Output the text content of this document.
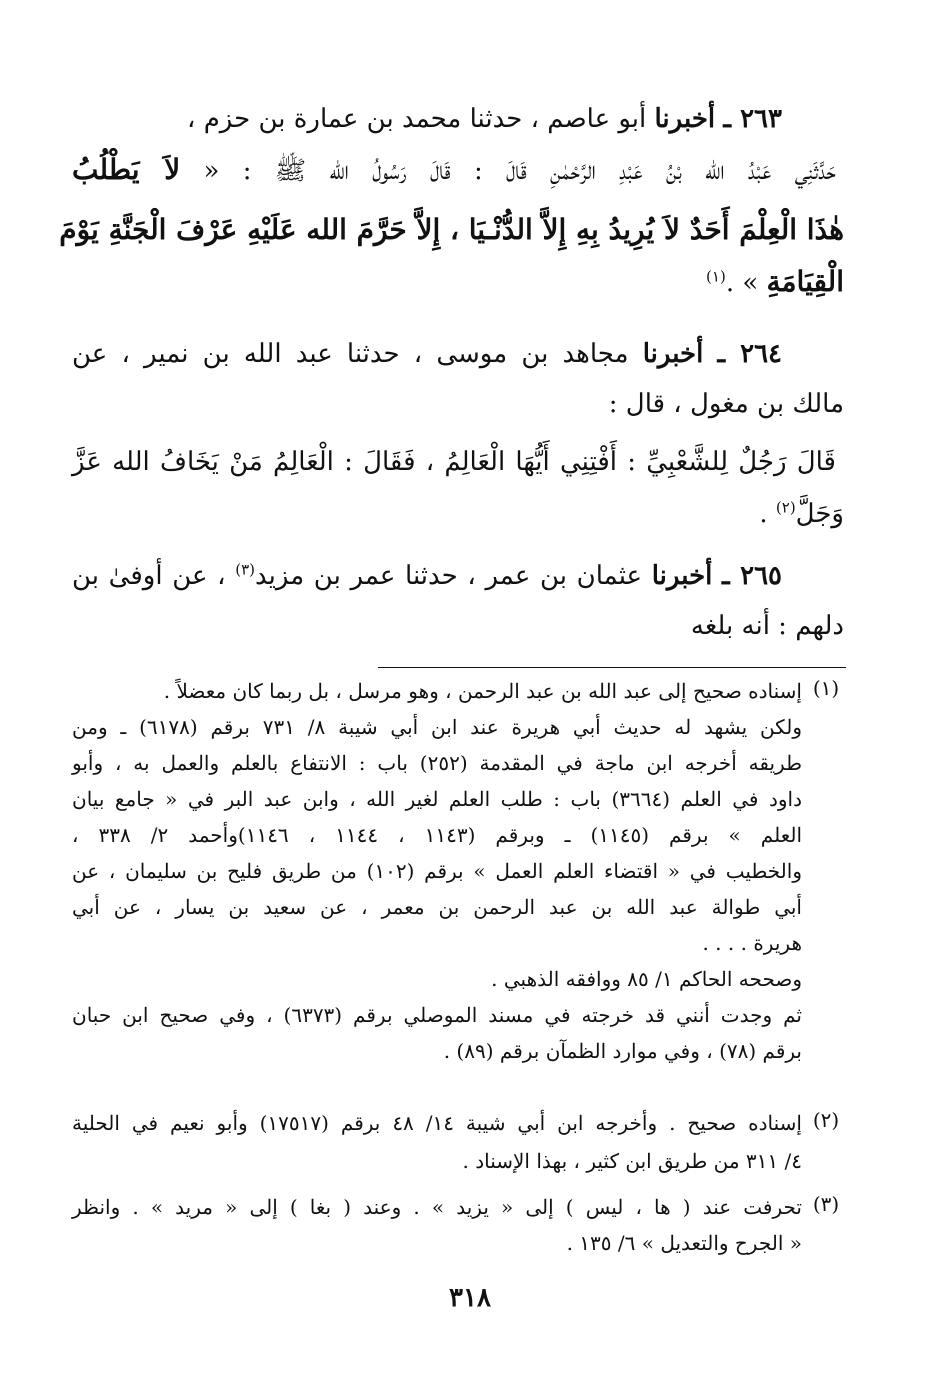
٢٦٣ ـ أخبرنا أبو عاصم ، حدثنا محمد بن عمارة بن حزم ،
حَدَّثَنِي عَبْدُ الله بْنُ عَبْدِ الرَّحْمٰنِ قَالَ : قَالَ رَسُولُ الله ﷺ : « لاَ يَطْلُبُ
هٰذَا الْعِلْمَ أَحَدٌ لاَ يُرِيدُ بِهِ إِلاَّ الدُّنْـيَا ، إِلاَّ حَرَّمَ الله عَلَيْهِ عَرْفَ الْجَنَّةِ يَوْمَ
الْقِيَامَةِ » .$^{(١)}$
٢٦٤ ـ أخبرنا مجاهد بن موسى ، حدثنا عبد الله بن نمير ، عن
مالك بن مغول ، قال :
قَالَ رَجُلٌ لِلشَّعْبِيِّ : أَفْتِنِي أَيُّهَا الْعَالِمُ ، فَقَالَ : الْعَالِمُ مَنْ يَخَافُ الله عَزَّ
وَجَلَّ$^{(٢)}$ .
٢٦٥ ـ أخبرنا عثمان بن عمر ، حدثنا عمر بن مزيد$^{(٣)}$ ، عن أوفىٰ بن
دلهم : أنه بلغه
(١)
إسناده صحيح إلى عبد الله بن عبد الرحمن ، وهو مرسل ، بل ربما كان معضلاً .
ولكن يشهد له حديث أبي هريرة عند ابن أبي شيبة ٨/ ٧٣١ برقم (٦١٧٨) ـ ومن
طريقه أخرجه ابن ماجة في المقدمة (٢٥٢) باب : الانتفاع بالعلم والعمل به ، وأبو
داود في العلم (٣٦٦٤) باب : طلب العلم لغير الله ، وابن عبد البر في « جامع بيان
العلم » برقم (١١٤٥) ـ وبرقم (١١٤٣ ، ١١٤٤ ، ١١٤٦)وأحمد ٢/ ٣٣٨ ،
والخطيب في « اقتضاء العلم العمل » برقم (١٠٢) من طريق فليح بن سليمان ، عن
أبي طوالة عبد الله بن عبد الرحمن بن معمر ، عن سعيد بن يسار ، عن أبي
هريرة . . . .
وصححه الحاكم ١/ ٨٥ ووافقه الذهبي .
ثم وجدت أنني قد خرجته في مسند الموصلي برقم (٦٣٧٣) ، وفي صحيح ابن حبان
برقم (٧٨) ، وفي موارد الظمآن برقم (٨٩) .
(٢)
إسناده صحيح . وأخرجه ابن أبي شيبة ١٤/ ٤٨ برقم (١٧٥١٧) وأبو نعيم في الحلية
٤/ ٣١١ من طريق ابن كثير ، بهذا الإسناد .
(٣)
تحرفت عند ( ها ، ليس ) إلى « يزيد » . وعند ( بغا ) إلى « مريد » . وانظر
« الجرح والتعديل » ٦/ ١٣٥ .
٣١٨
